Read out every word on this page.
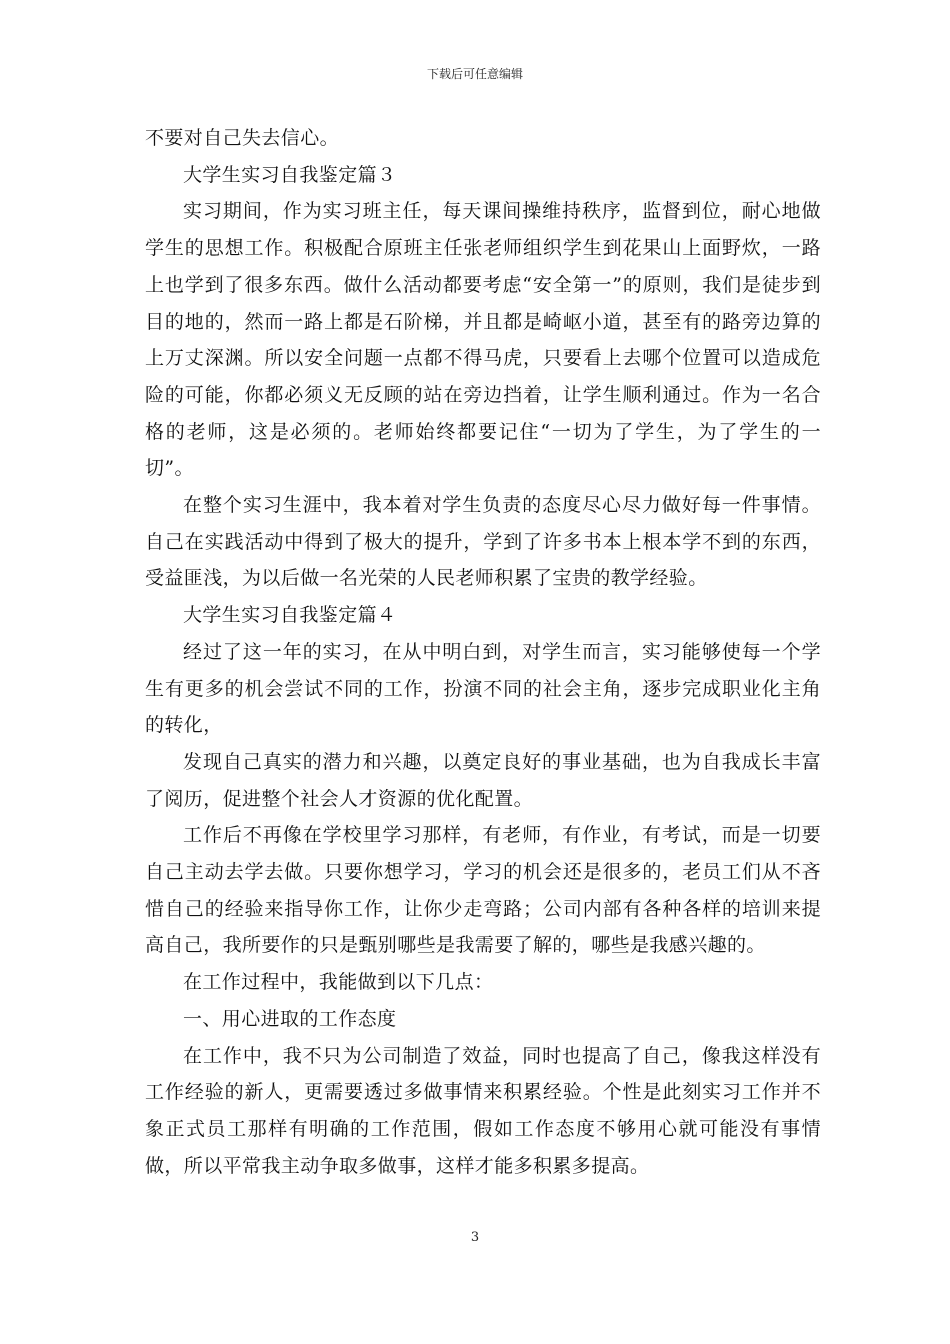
下载后可任意编辑

不要对自己失去信心。

大学生实习自我鉴定篇３

实习期间，作为实习班主任，每天课间操维持秩序，监督到位，耐心地做学生的思想工作。积极配合原班主任张老师组织学生到花果山上面野炊，一路上也学到了很多东西。做什么活动都要考虑“安全第一”的原则，我们是徒步到目的地的，然而一路上都是石阶梯，并且都是崎岖小道，甚至有的路旁边算的上万丈深渊。所以安全问题一点都不得马虎，只要看上去哪个位置可以造成危险的可能，你都必须义无反顾的站在旁边挡着，让学生顺利通过。作为一名合格的老师，这是必须的。老师始终都要记住“一切为了学生，为了学生的一切”。

在整个实习生涯中，我本着对学生负责的态度尽心尽力做好每一件事情。自己在实践活动中得到了极大的提升，学到了许多书本上根本学不到的东西，受益匪浅，为以后做一名光荣的人民老师积累了宝贵的教学经验。

大学生实习自我鉴定篇４

经过了这一年的实习，在从中明白到，对学生而言，实习能够使每一个学生有更多的机会尝试不同的工作，扮演不同的社会主角，逐步完成职业化主角的转化，

发现自己真实的潜力和兴趣，以奠定良好的事业基础，也为自我成长丰富了阅历，促进整个社会人才资源的优化配置。

工作后不再像在学校里学习那样，有老师，有作业，有考试，而是一切要自己主动去学去做。只要你想学习，学习的机会还是很多的，老员工们从不吝惜自己的经验来指导你工作，让你少走弯路；公司内部有各种各样的培训来提高自己，我所要作的只是甄别哪些是我需要了解的，哪些是我感兴趣的。

在工作过程中，我能做到以下几点：

一、用心进取的工作态度

在工作中，我不只为公司制造了效益，同时也提高了自己，像我这样没有工作经验的新人，更需要透过多做事情来积累经验。个性是此刻实习工作并不象正式员工那样有明确的工作范围，假如工作态度不够用心就可能没有事情做，所以平常我主动争取多做事，这样才能多积累多提高。

3
